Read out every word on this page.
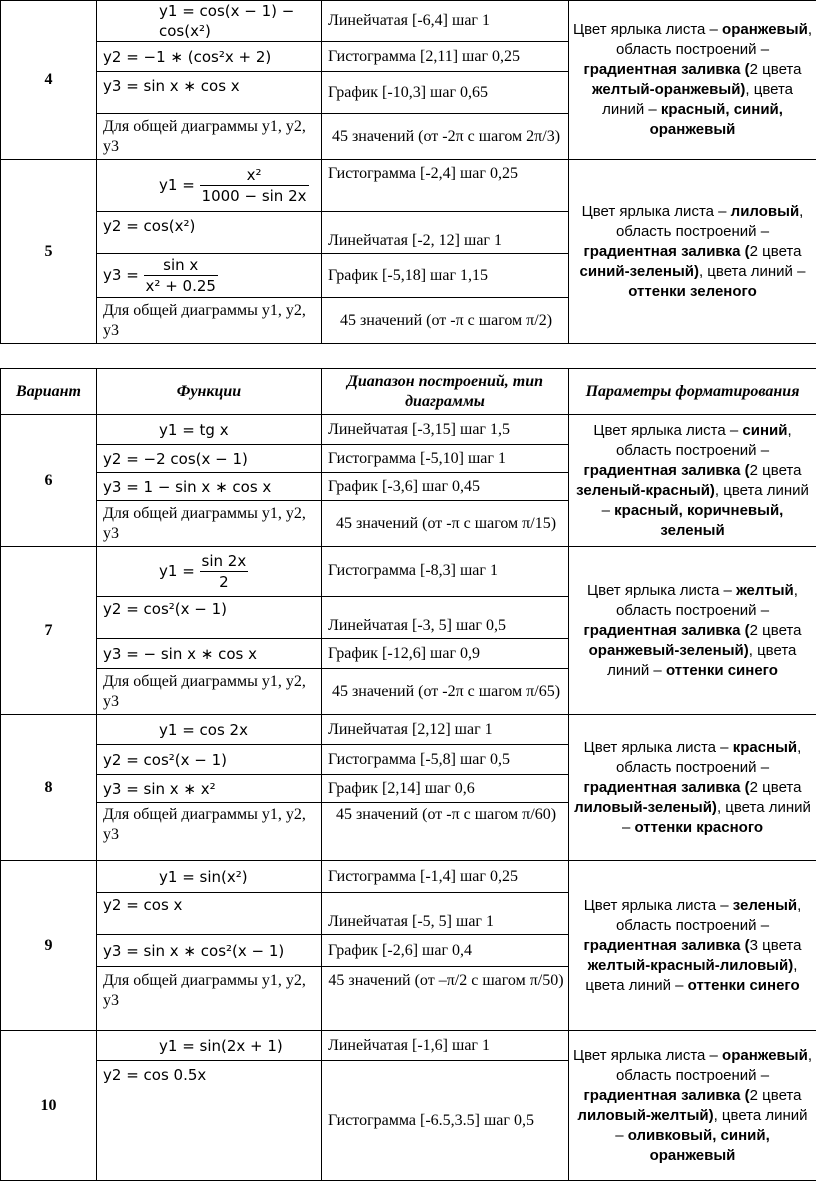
4	y1 = cos(x − 1) − cos(x²)	Линейчатая [-6,4] шаг 1	Цвет ярлыка листа – оранжевый, область построений – градиентная заливка (2 цвета желтый-оранжевый), цвета линий – красный, синий, оранжевый
	y2 = −1 ∗ (cos²x + 2)	Гистограмма [2,11] шаг 0,25	
	y3 = sin x ∗ cos x	График [-10,3] шаг 0,65	
	Для общей диаграммы y1, y2, y3	45 значений (от -2π с шагом 2π/3)	
5	$y1 = \frac{\text{x²}}{1000 - \sin 2x}$	Гистограмма [-2,4] шаг 0,25	Цвет ярлыка листа – лиловый, область построений – градиентная заливка (2 цвета синий-зеленый), цвета линий – оттенки зеленого
	y2 = cos(x²)	Линейчатая [-2, 12] шаг 1	
	$y3 = \frac{\text{sin x}}{\text{x² + 0.25}}$	График [-5,18] шаг 1,15	
	Для общей диаграммы y1, y2, y3	45 значений (от -π с шагом π/2)	
Вариант	Функции	Диапазон построений, тип диаграммы	Параметры форматирования
6	y1 = tg x	Линейчатая [-3,15] шаг 1,5	Цвет ярлыка листа – синий, область построений – градиентная заливка (2 цвета зеленый-красный), цвета линий – красный, коричневый, зеленый
	y2 = −2 cos(x − 1)	Гистограмма [-5,10] шаг 1	
	y3 = 1 − sin x ∗ cos x	График [-3,6] шаг 0,45	
	Для общей диаграммы y1, y2, y3	45 значений (от -π с шагом π/15)	
7	$y1 = \frac{\sin 2x}{2}$	Гистограмма [-8,3] шаг 1	Цвет ярлыка листа – желтый, область построений – градиентная заливка (2 цвета оранжевый-зеленый), цвета линий – оттенки синего
	y2 = cos²(x − 1)	Линейчатая [-3, 5] шаг 0,5	
	y3 = − sin x ∗ cos x	График [-12,6] шаг 0,9	
	Для общей диаграммы y1, y2, y3	45 значений (от -2π с шагом π/65)	
8	y1 = cos 2x	Линейчатая [2,12] шаг 1	Цвет ярлыка листа – красный, область построений – градиентная заливка (2 цвета лиловый-зеленый), цвета линий – оттенки красного
	y2 = cos²(x − 1)	Гистограмма [-5,8] шаг 0,5	
	y3 = sin x ∗ x²	График [2,14] шаг 0,6	
	Для общей диаграммы y1, y2, y3	45 значений (от -π с шагом π/60)	
9	y1 = sin(x²)	Гистограмма [-1,4] шаг 0,25	Цвет ярлыка листа – зеленый, область построений – градиентная заливка (3 цвета желтый-красный-лиловый), цвета линий – оттенки синего
	y2 = cos x	Линейчатая [-5, 5] шаг 1	
	y3 = sin x ∗ cos²(x − 1)	График [-2,6] шаг 0,4	
	Для общей диаграммы y1, y2, y3	45 значений (от –π/2 с шагом π/50)	
10	y1 = sin(2x + 1)	Линейчатая [-1,6] шаг 1	Цвет ярлыка листа – оранжевый, область построений – градиентная заливка (2 цвета лиловый-желтый), цвета линий – оливковый, синий, оранжевый
	y2 = cos 0.5x	Гистограмма [-6.5,3.5] шаг 0,5	
